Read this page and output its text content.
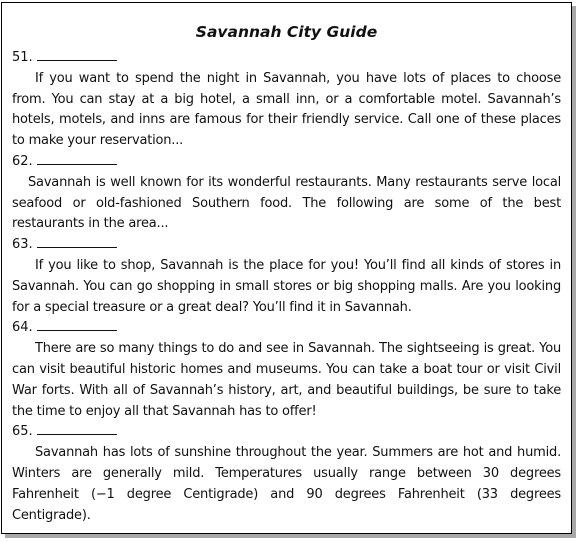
Savannah City Guide
51.

If you want to spend the night in Savannah, you have lots of places to choose from. You can stay at a big hotel, a small inn, or a comfortable motel. Savannah’s hotels, motels, and inns are famous for their friendly service. Call one of these places to make your reservation...

62.

Savannah is well known for its wonderful restaurants. Many restaurants serve local seafood or old-fashioned Southern food. The following are some of the best restaurants in the area...

63.

If you like to shop, Savannah is the place for you! You’ll find all kinds of stores in Savannah. You can go shopping in small stores or big shopping malls. Are you looking for a special treasure or a great deal? You’ll find it in Savannah.

64.

There are so many things to do and see in Savannah. The sightseeing is great. You can visit beautiful historic homes and museums. You can take a boat tour or visit Civil War forts. With all of Savannah’s history, art, and beautiful buildings, be sure to take the time to enjoy all that Savannah has to offer!

65.

Savannah has lots of sunshine throughout the year. Summers are hot and humid. Winters are generally mild. Temperatures usually range between 30 degrees Fahrenheit (−1 degree Centigrade) and 90 degrees Fahrenheit (33 degrees Centigrade).
